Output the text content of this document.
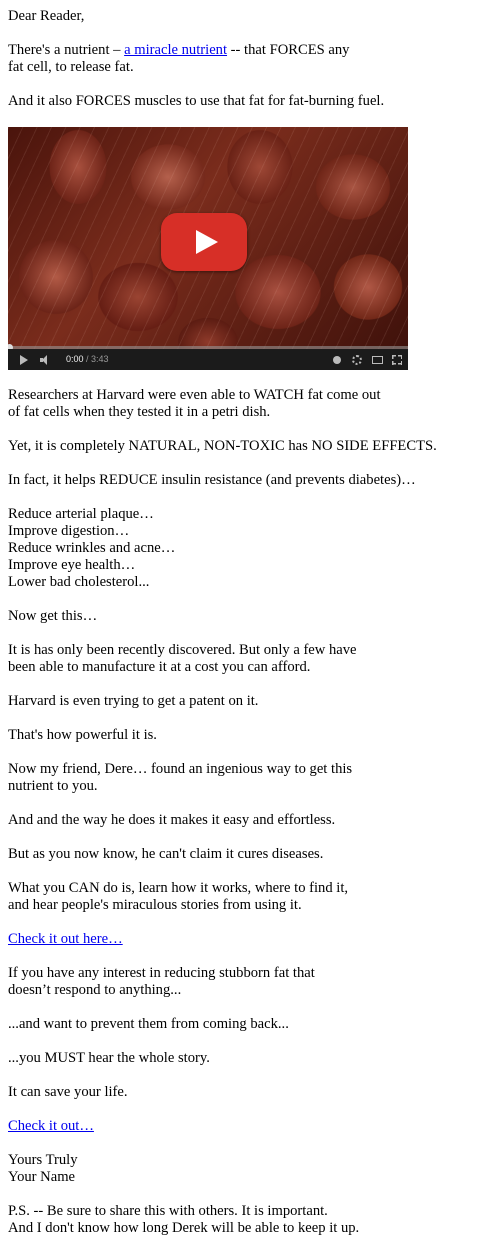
Dear Reader,

There's a nutrient – a miracle nutrient -- that FORCES any
fat cell, to release fat.

And it also FORCES muscles to use that fat for fat-burning fuel.

0:00 / 3:43

Researchers at Harvard were even able to WATCH fat come out
of fat cells when they tested it in a petri dish.

Yet, it is completely NATURAL, NON-TOXIC has NO SIDE EFFECTS.

In fact, it helps REDUCE insulin resistance (and prevents diabetes)…

Reduce arterial plaque…
Improve digestion…
Reduce wrinkles and acne…
Improve eye health…
Lower bad cholesterol...

Now get this…

It is has only been recently discovered. But only a few have
been able to manufacture it at a cost you can afford.

Harvard is even trying to get a patent on it.

That's how powerful it is.

Now my friend, Dere… found an ingenious way to get this
nutrient to you.

And and the way he does it makes it easy and effortless.

But as you now know, he can't claim it cures diseases.

What you CAN do is, learn how it works, where to find it,
and hear people's miraculous stories from using it.

Check it out here…

If you have any interest in reducing stubborn fat that
doesn’t respond to anything...

...and want to prevent them from coming back...

...you MUST hear the whole story.

It can save your life.

Check it out…

Yours Truly
Your Name

P.S. -- Be sure to share this with others. It is important.
And I don't know how long Derek will be able to keep it up.
